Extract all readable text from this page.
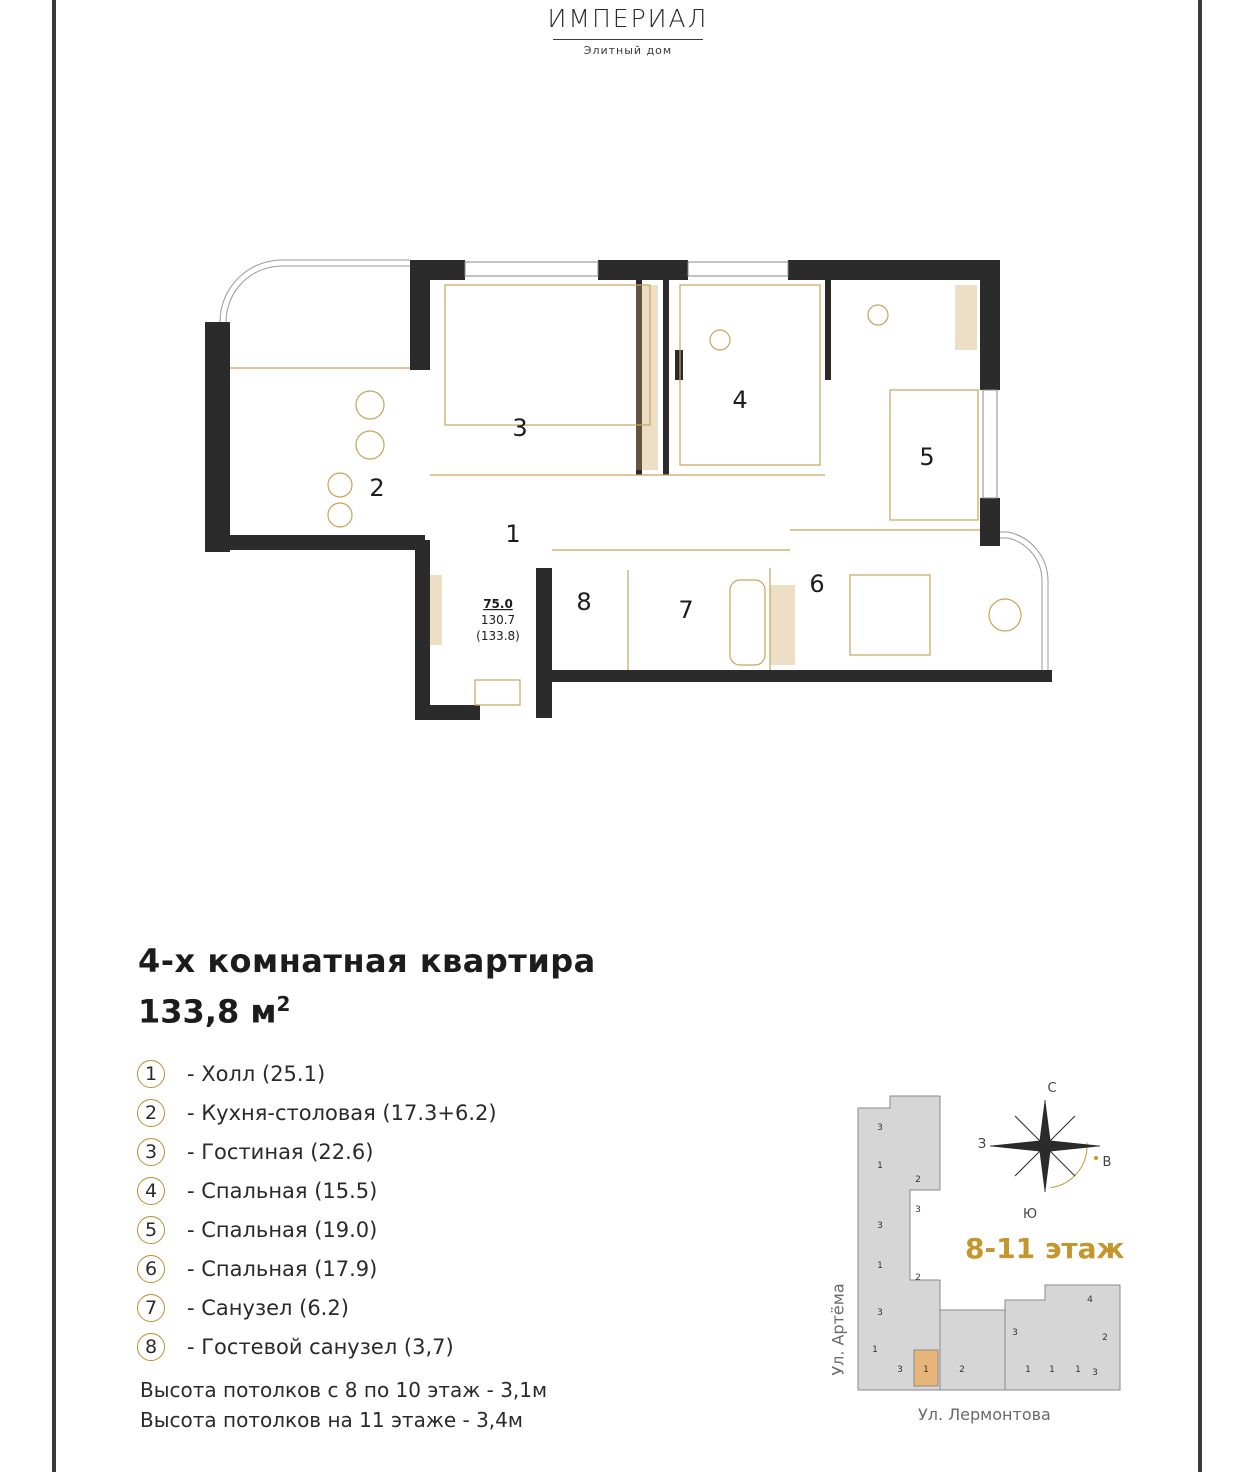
ИМПЕРИАЛ
Элитный дом
1
2
3
4
5
6
7
8
75.0
130.7
(133.8)
4-х комнатная квартира
133,8 $м^2$
1	- Холл (25.1)
2	- Кухня-столовая (17.3+6.2)
3	- Гостиная (22.6)
4	- Спальная (15.5)
5	- Спальная (19.0)
6	- Спальная (17.9)
7	- Санузел (6.2)
8	- Гостевой санузел (3,7)
Высота потолков с 8 по 10 этаж - 3,1м
Высота потолков на 11 этаже - 3,4м
3
1
2
3
3
1
2
3
1
3 1	2
3
1 1 1
2
3
4
С
Ю
В
З
8-11 этаж
Ул. Лермонтова
Ул. Артёма
